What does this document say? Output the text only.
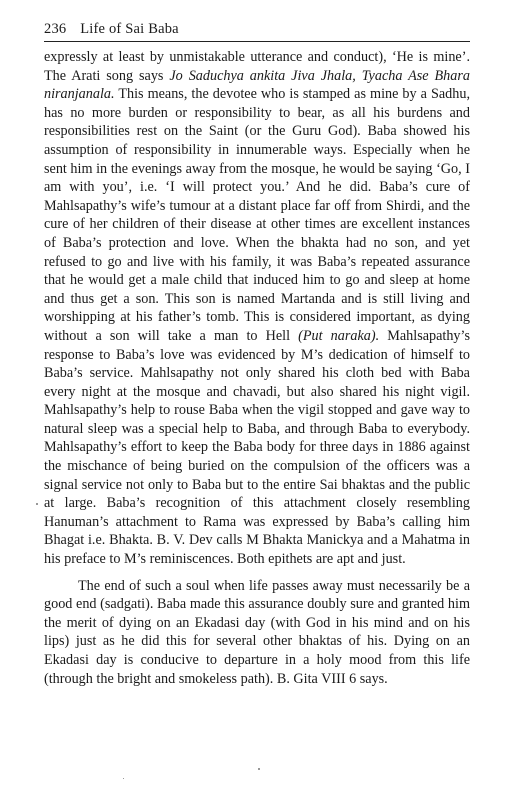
236 Life of Sai Baba

expressly at least by unmistakable utterance and conduct), ‘He is mine’. The Arati song says Jo Saduchya ankita Jiva Jhala, Tyacha Ase Bhara niranjanala. This means, the devotee who is stamped as mine by a Sadhu, has no more burden or responsibility to bear, as all his burdens and responsibilities rest on the Saint (or the Guru God). Baba showed his assumption of responsibility in innumerable ways. Especially when he sent him in the evenings away from the mosque, he would be saying ‘Go, I am with you’, i.e. ‘I will protect you.’ And he did. Baba’s cure of Mahlsapathy’s wife’s tumour at a distant place far off from Shirdi, and the cure of her children of their disease at other times are excellent instances of Baba’s protection and love. When the bhakta had no son, and yet refused to go and live with his family, it was Baba’s repeated assurance that he would get a male child that induced him to go and sleep at home and thus get a son. This son is named Martanda and is still living and worshipping at his father’s tomb. This is considered important, as dying without a son will take a man to Hell (Put naraka). Mahlsapathy’s response to Baba’s love was evidenced by M’s dedication of himself to Baba’s service. Mahlsapathy not only shared his cloth bed with Baba every night at the mosque and chavadi, but also shared his night vigil. Mahlsapathy’s help to rouse Baba when the vigil stopped and gave way to natural sleep was a special help to Baba, and through Baba to everybody. Mahlsapathy’s effort to keep the Baba body for three days in 1886 against the mischance of being buried on the compulsion of the officers was a signal service not only to Baba but to the entire Sai bhaktas and the public at large. Baba’s recognition of this attachment closely resembling Hanuman’s attachment to Rama was expressed by Baba’s calling him Bhagat i.e. Bhakta. B. V. Dev calls M Bhakta Manickya and a Mahatma in his preface to M’s reminiscences. Both epithets are apt and just.

The end of such a soul when life passes away must necessarily be a good end (sadgati). Baba made this assurance doubly sure and granted him the merit of dying on an Ekadasi day (with God in his mind and on his lips) just as he did this for several other bhaktas of his. Dying on an Ekadasi day is conducive to departure in a holy mood from this life (through the bright and smokeless path). B. Gita VIII 6 says.
